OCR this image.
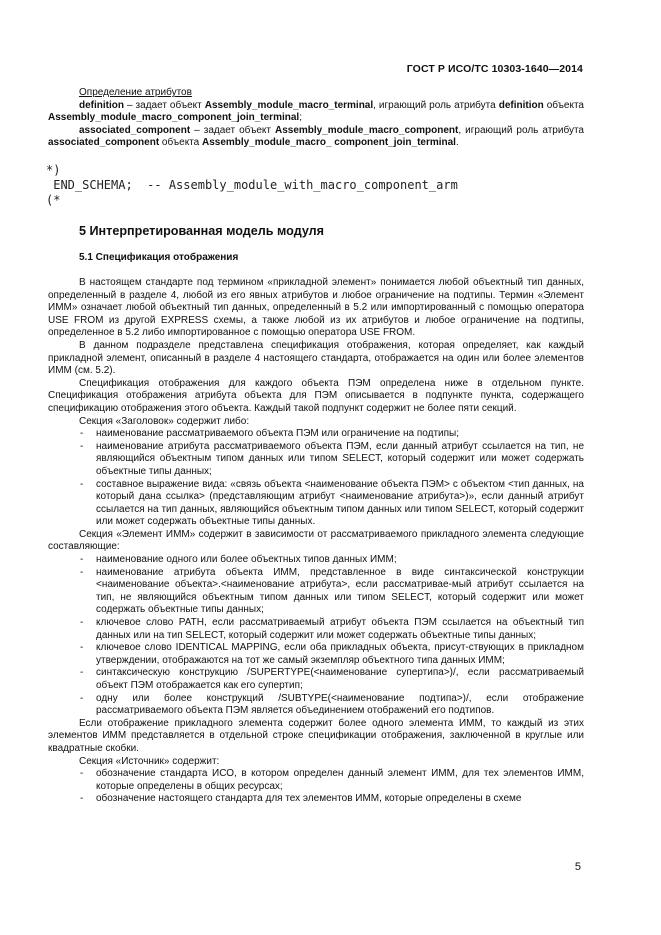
ГОСТ Р ИСО/ТС 10303-1640—2014
Определение атрибутов
definition – задает объект Assembly_module_macro_terminal, играющий роль атрибута definition объекта Assembly_module_macro_component_join_terminal;
associated_component – задает объект Assembly_module_macro_component, играющий роль атрибута associated_component объекта Assembly_module_macro_ component_join_terminal.
*)
END_SCHEMA;  -- Assembly_module_with_macro_component_arm
(*
5 Интерпретированная модель модуля
5.1 Спецификация отображения
В настоящем стандарте под термином «прикладной элемент» понимается любой объектный тип данных, определенный в разделе 4, любой из его явных атрибутов и любое ограничение на подтипы. Термин «Элемент ИММ» означает любой объектный тип данных, определенный в 5.2 или импортированный с помощью оператора USE FROM из другой EXPRESS схемы, а также любой из их атрибутов и любое ограничение на подтипы, определенное в 5.2 либо импортированное с помощью оператора USE FROM.
В данном подразделе представлена спецификация отображения, которая определяет, как каждый прикладной элемент, описанный в разделе 4 настоящего стандарта, отображается на один или более элементов ИММ (см. 5.2).
Спецификация отображения для каждого объекта ПЭМ определена ниже в отдельном пункте. Спецификация отображения атрибута объекта для ПЭМ описывается в подпункте пункта, содержащего спецификацию отображения этого объекта. Каждый такой подпункт содержит не более пяти секций.
Секция «Заголовок» содержит либо:
- наименование рассматриваемого объекта ПЭМ или ограничение на подтипы;
- наименование атрибута рассматриваемого объекта ПЭМ, если данный атрибут ссылается на тип, не являющийся объектным типом данных или типом SELECT, который содержит или может содержать объектные типы данных;
- составное выражение вида: «связь объекта <наименование объекта ПЭМ> с объектом <тип данных, на который дана ссылка> (представляющим атрибут <наименование атрибута>)», если данный атрибут ссылается на тип данных, являющийся объектным типом данных или типом SELECT, который содержит или может содержать объектные типы данных.
Секция «Элемент ИММ» содержит в зависимости от рассматриваемого прикладного элемента следующие составляющие:
- наименование одного или более объектных типов данных ИММ;
- наименование атрибута объекта ИММ, представленное в виде синтаксической конструкции <наименование объекта>.<наименование атрибута>, если рассматривае-мый атрибут ссылается на тип, не являющийся объектным типом данных или типом SELECT, который содержит или может содержать объектные типы данных;
- ключевое слово PATH, если рассматриваемый атрибут объекта ПЭМ ссылается на объектный тип данных или на тип SELECT, который содержит или может содержать объектные типы данных;
- ключевое слово IDENTICAL MAPPING, если оба прикладных объекта, присут-ствующих в прикладном утверждении, отображаются на тот же самый экземпляр объектного типа данных ИММ;
- синтаксическую конструкцию /SUPERTYPE(<наименование супертипа>)/, если рассматриваемый объект ПЭМ отображается как его супертип;
- одну или более конструкций /SUBTYPE(<наименование подтипа>)/, если отображение рассматриваемого объекта ПЭМ является объединением отображений его подтипов.
Если отображение прикладного элемента содержит более одного элемента ИММ, то каждый из этих элементов ИММ представляется в отдельной строке спецификации отображения, заключенной в круглые или квадратные скобки.
Секция «Источник» содержит:
- обозначение стандарта ИСО, в котором определен данный элемент ИММ, для тех элементов ИММ, которые определены в общих ресурсах;
- обозначение настоящего стандарта для тех элементов ИММ, которые определены в схеме
5
